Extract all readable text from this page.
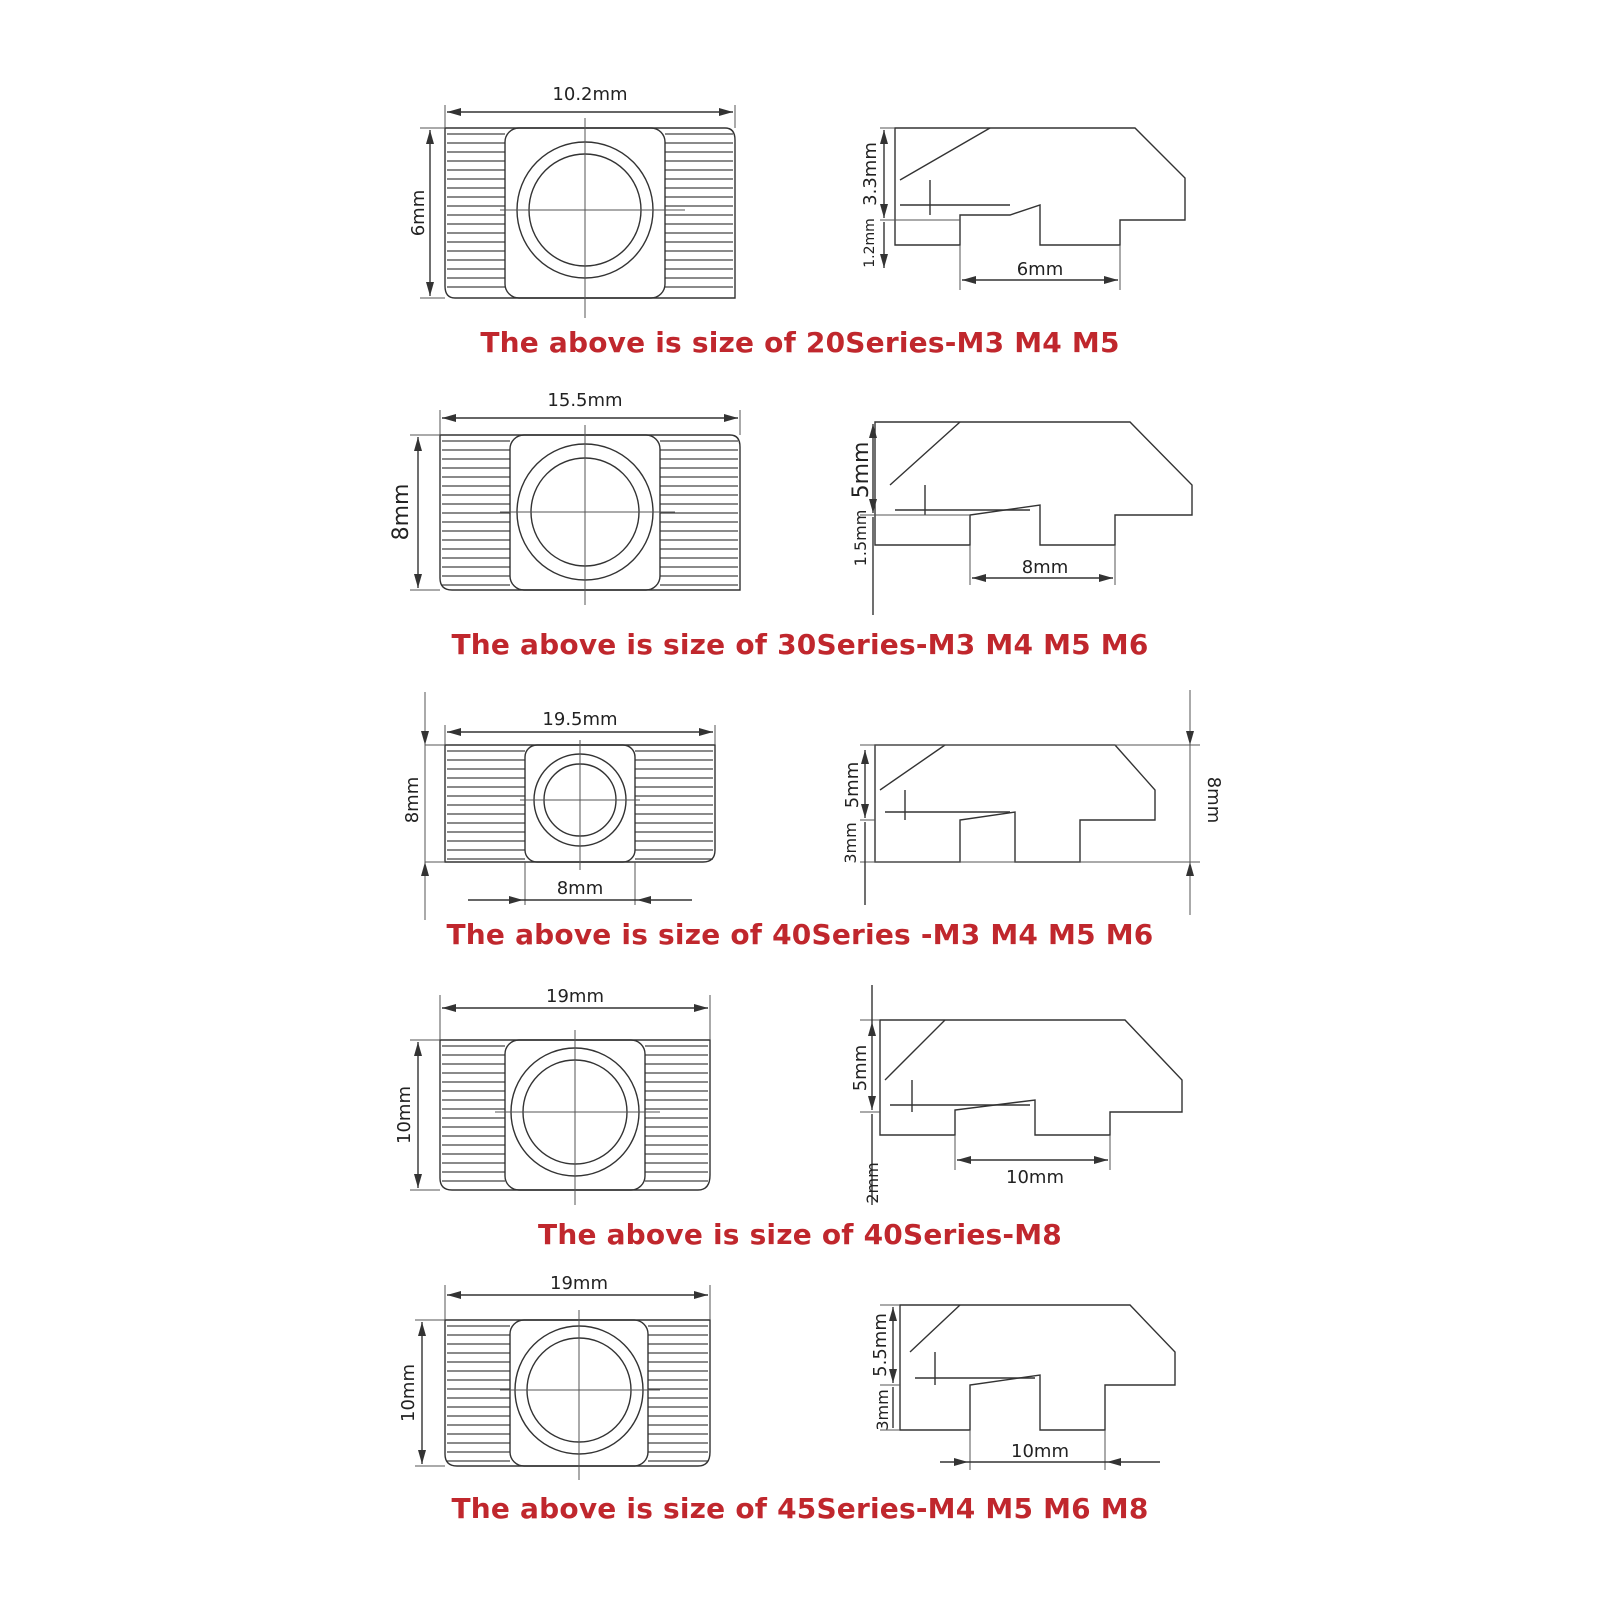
10.2mm
6mm
3.3mm
1.2mm
6mm
The above is size of 20Series-M3 M4 M5
15.5mm
8mm
5mm
1.5mm
8mm
The above is size of 30Series-M3 M4 M5 M6
19.5mm
8mm
8mm
5mm
3mm
8mm
The above is size of 40Series -M3 M4 M5 M6
19mm
10mm
5mm
2mm	10mm
The above is size of 40Series-M8
19mm
10mm
5.5mm
3mm
10mm
The above is size of 45Series-M4 M5 M6 M8
